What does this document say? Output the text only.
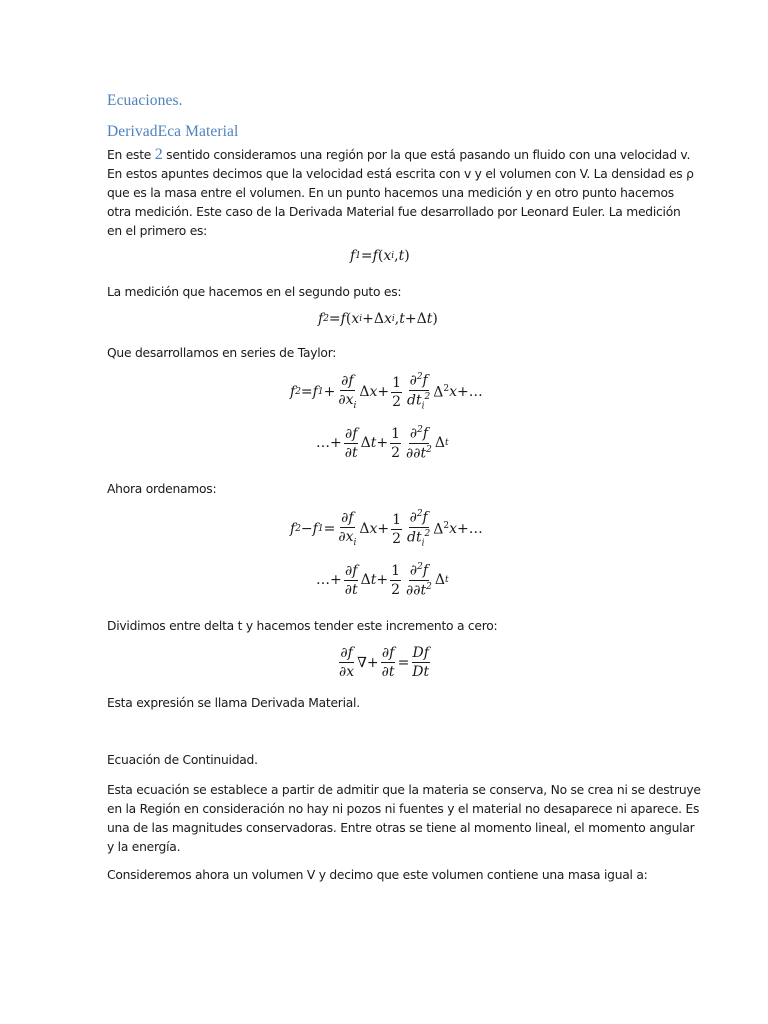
Ecuaciones.
DerivadEca Material
En este 2 sentido consideramos una región por la que está pasando un fluido con una velocidad v.
En estos apuntes decimos que la velocidad está escrita con v y el volumen con V. La densidad es ρ
que es la masa entre el volumen. En un punto hacemos una medición y en otro punto hacemos
otra medición. Este caso de la Derivada Material fue desarrollado por Leonard Euler. La medición
en el primero es:
f 1 = f ( x i , t )
La medición que hacemos en el segundo puto es:
f 2 = f ( x i +Δ x i , t +Δ t )
Que desarrollamos en series de Taylor:
f 2 = f $1 + \frac{\partial f}{\partial x_i}$ Δ $x + \frac{1}{2} \frac{\partial^2f}{dt_i^2} \Delta^2$ x +…
…+ $\frac{\partial f}{\partial t}$ Δ $t + \frac{1}{2} \frac{\partial^2f}{\partial\partial t^2}$ Δ t
Ahora ordenamos:
f 2 − f $1 = \frac{\partial f}{\partial x_i}$ Δ $x + \frac{1}{2} \frac{\partial^2f}{dt_i^2} \Delta^2$ x +…
…+ $\frac{\partial f}{\partial t}$ Δ $t + \frac{1}{2} \frac{\partial^2f}{\partial\partial t^2}$ Δ t
Dividimos entre delta t y hacemos tender este incremento a cero:
$\frac{\partial f}{\partial x}$ ∇+ $\frac{\partial f}{\partial t} = \frac{Df}{Dt}$
Esta expresión se llama Derivada Material.
Ecuación de Continuidad.
Esta ecuación se establece a partir de admitir que la materia se conserva, No se crea ni se destruye
en la Región en consideración no hay ni pozos ni fuentes y el material no desaparece ni aparece. Es
una de las magnitudes conservadoras. Entre otras se tiene al momento lineal, el momento angular
y la energía.
Consideremos ahora un volumen V y decimo que este volumen contiene una masa igual a:
